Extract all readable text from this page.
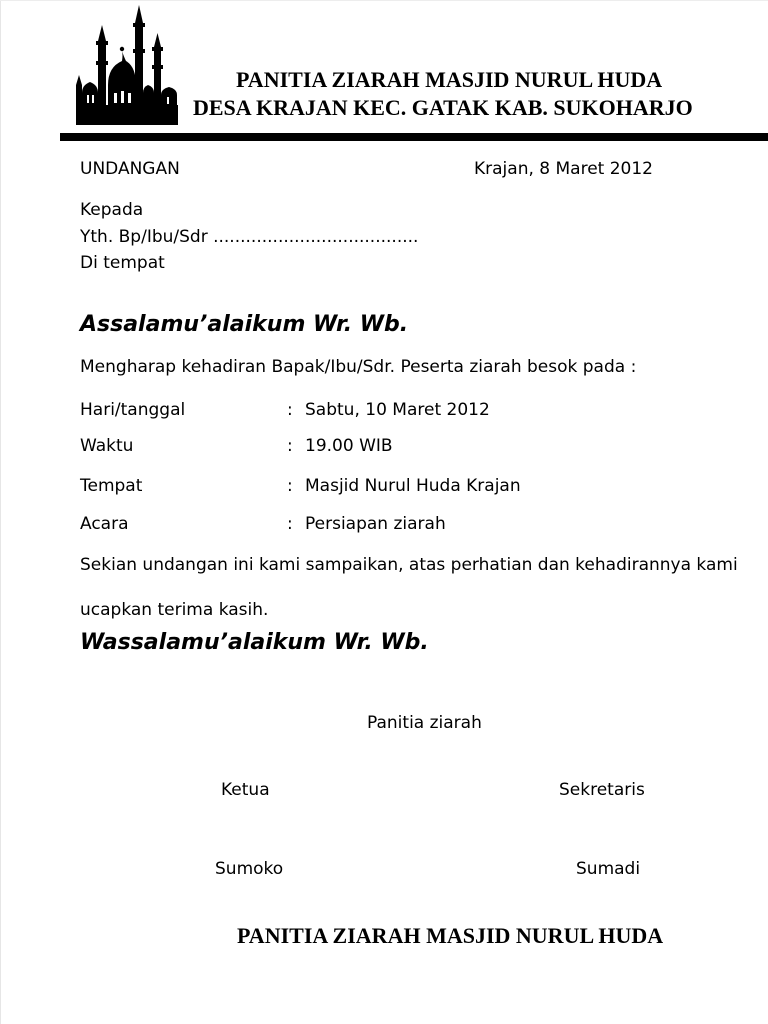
PANITIA ZIARAH MASJID NURUL HUDA
DESA KRAJAN KEC. GATAK KAB. SUKOHARJO
UNDANGAN	Krajan, 8 Maret 2012
Kepada
Yth. Bp/Ibu/Sdr ......................................
Di tempat
Assalamu’alaikum Wr. Wb.
Mengharap kehadiran Bapak/Ibu/Sdr. Peserta ziarah besok pada :
Hari/tanggal	: Sabtu, 10 Maret 2012
Waktu	: 19.00 WIB
Tempat	: Masjid Nurul Huda Krajan
Acara	: Persiapan ziarah
Sekian undangan ini kami sampaikan, atas perhatian dan kehadirannya kami
ucapkan terima kasih.
Wassalamu’alaikum Wr. Wb.
Panitia ziarah
Ketua	Sekretaris
Sumoko	Sumadi
PANITIA ZIARAH MASJID NURUL HUDA
